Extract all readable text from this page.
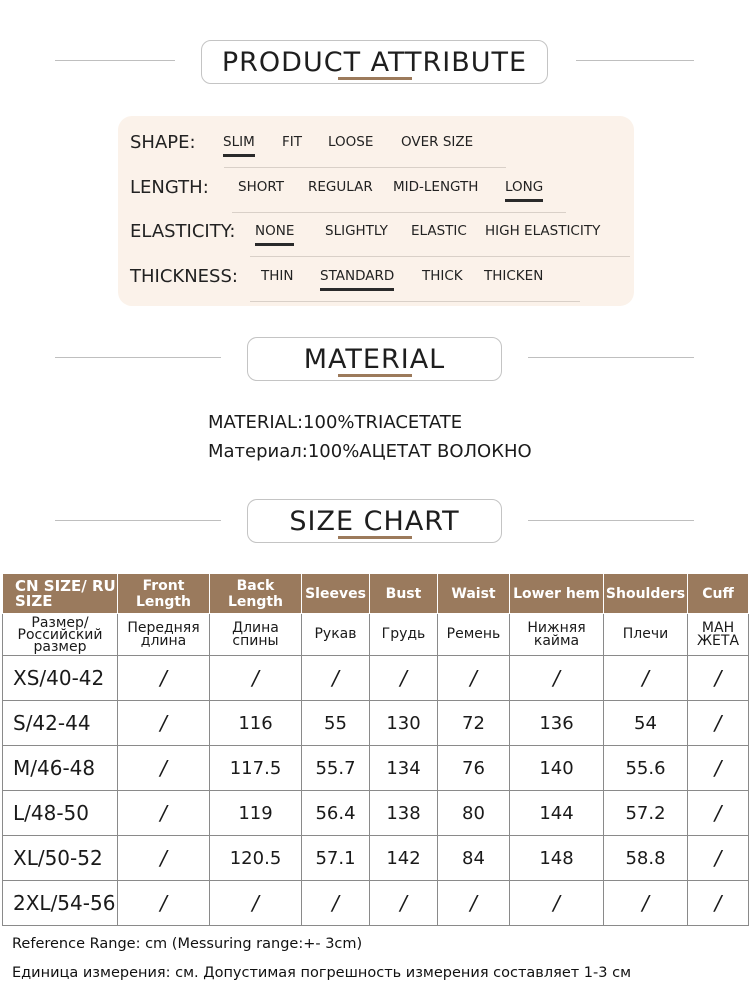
PRODUCT ATTRIBUTE
SHAPE: SLIM FIT LOOSE OVER SIZE
LENGTH: SHORT REGULAR MID-LENGTH LONG
ELASTICITY: NONE SLIGHTLY ELASTIC HIGH ELASTICITY
THICKNESS: THIN STANDARD THICK THICKEN
MATERIAL
MATERIAL:100%TRIACETATE
Материал:100%АЦЕТАТ ВОЛОКНО
SIZE CHART
CN SIZE/ RU SIZE	Front Length	Back Length	Sleeves	Bust	Waist	Lower hem	Shoulders	Cuff
Размер/ Российский размер	Передняя длина	Длина спины	Рукав	Грудь	Ремень	Нижняя кайма	Плечи	МАН ЖЕТА
XS/40-42	/	/	/	/	/	/	/	/
S/42-44	/	116	55	130	72	136	54	/
M/46-48	/	117.5	55.7	134	76	140	55.6	/
L/48-50	/	119	56.4	138	80	144	57.2	/
XL/50-52	/	120.5	57.1	142	84	148	58.8	/
2XL/54-56	/	/	/	/	/	/	/	/
Reference Range: cm (Messuring range:+- 3cm)
Единица измерения: см. Допустимая погрешность измерения составляет 1-3 см
